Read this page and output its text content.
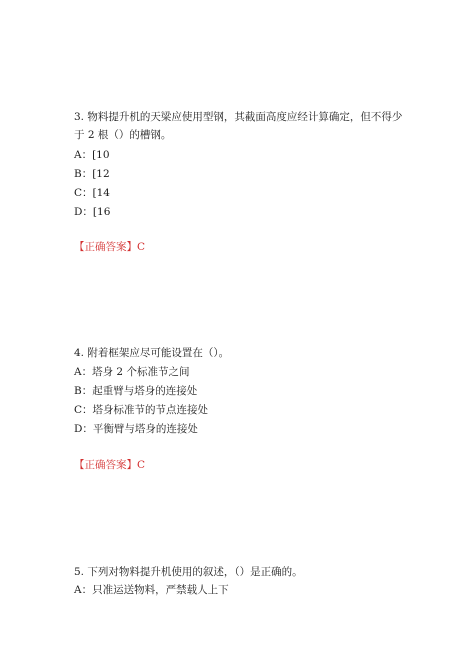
3. 物料提升机的天梁应使用型钢，其截面高度应经计算确定，但不得少于 2 根（）的槽钢。
A：[10
B：[12
C：[14
D：[16
【正确答案】C
4. 附着框架应尽可能设置在（）。
A：塔身 2 个标准节之间
B：起重臂与塔身的连接处
C：塔身标准节的节点连接处
D：平衡臂与塔身的连接处
【正确答案】C
5. 下列对物料提升机使用的叙述，（）是正确的。
A：只准运送物料，严禁载人上下
